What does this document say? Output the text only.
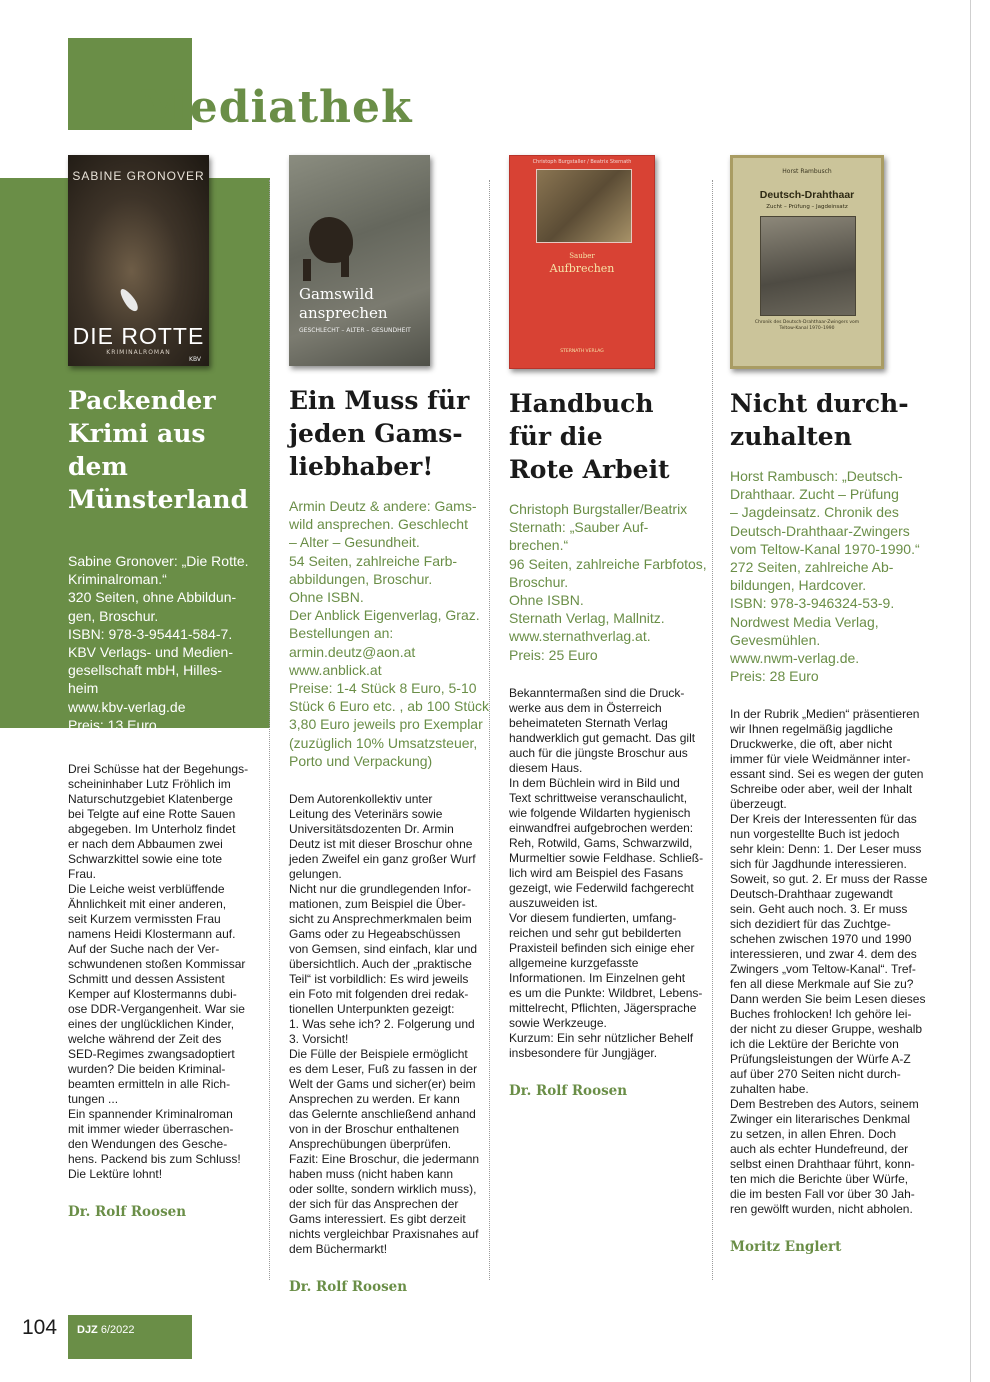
Mediathek
SABINE GRONOVER
DIE ROTTE
KRIMINALROMAN
KBV
Packender
Krimi aus
dem
Münsterland
Sabine Gronover: „Die Rotte.
Kriminalroman.“
320 Seiten, ohne Abbildun-
gen, Broschur.
ISBN: 978-3-95441-584-7.
KBV Verlags- und Medien-
gesellschaft mbH, Hilles-
heim
www.kbv-verlag.de
Preis: 13 Euro
Drei Schüsse hat der Begehungs-
scheininhaber Lutz Fröhlich im
Naturschutzgebiet Klatenberge
bei Telgte auf eine Rotte Sauen
abgegeben. Im Unterholz findet
er nach dem Abbaumen zwei
Schwarzkittel sowie eine tote
Frau.
Die Leiche weist verblüffende
Ähnlichkeit mit einer anderen,
seit Kurzem vermissten Frau
namens Heidi Klostermann auf.
Auf der Suche nach der Ver-
schwundenen stoßen Kommissar
Schmitt und dessen Assistent
Kemper auf Klostermanns dubi-
ose DDR-Vergangenheit. War sie
eines der unglücklichen Kinder,
welche während der Zeit des
SED-Regimes zwangsadoptiert
wurden? Die beiden Kriminal-
beamten ermitteln in alle Rich-
tungen ...
Ein spannender Kriminalroman
mit immer wieder überraschen-
den Wendungen des Gesche-
hens. Packend bis zum Schluss!
Die Lektüre lohnt!
Dr. Rolf Roosen
Gamswild ansprechen
GESCHLECHT – ALTER – GESUNDHEIT
Ein Muss für
jeden Gams-
liebhaber!
Armin Deutz & andere: Gams-
wild ansprechen. Geschlecht
– Alter – Gesundheit.
54 Seiten, zahlreiche Farb-
abbildungen, Broschur.
Ohne ISBN.
Der Anblick Eigenverlag, Graz.
Bestellungen an:
armin.deutz@aon.at
www.anblick.at
Preise: 1-4 Stück 8 Euro, 5-10
Stück 6 Euro etc. , ab 100 Stück
3,80 Euro jeweils pro Exemplar
(zuzüglich 10% Umsatzsteuer,
Porto und Verpackung)
Dem Autorenkollektiv unter
Leitung des Veterinärs sowie
Universitätsdozenten Dr. Armin
Deutz ist mit dieser Broschur ohne
jeden Zweifel ein ganz großer Wurf
gelungen.
Nicht nur die grundlegenden Infor-
mationen, zum Beispiel die Über-
sicht zu Ansprechmerkmalen beim
Gams oder zu Hegeabschüssen
von Gemsen, sind einfach, klar und
übersichtlich. Auch der „praktische
Teil“ ist vorbildlich: Es wird jeweils
ein Foto mit folgenden drei redak-
tionellen Unterpunkten gezeigt:
1. Was sehe ich? 2. Folgerung und
3. Vorsicht!
Die Fülle der Beispiele ermöglicht
es dem Leser, Fuß zu fassen in der
Welt der Gams und sicher(er) beim
Ansprechen zu werden. Er kann
das Gelernte anschließend anhand
von in der Broschur enthaltenen
Ansprechübungen überprüfen.
Fazit: Eine Broschur, die jedermann
haben muss (nicht haben kann
oder sollte, sondern wirklich muss),
der sich für das Ansprechen der
Gams interessiert. Es gibt derzeit
nichts vergleichbar Praxisnahes auf
dem Büchermarkt!
Dr. Rolf Roosen
Christoph Burgstaller / Beatrix Sternath
Sauber
Aufbrechen
STERNATH VERLAG
Handbuch
für die
Rote Arbeit
Christoph Burgstaller/Beatrix
Sternath: „Sauber Auf-
brechen.“
96 Seiten, zahlreiche Farbfotos,
Broschur.
Ohne ISBN.
Sternath Verlag, Mallnitz.
www.sternathverlag.at.
Preis: 25 Euro
Bekanntermaßen sind die Druck-
werke aus dem in Österreich
beheimateten Sternath Verlag
handwerklich gut gemacht. Das gilt
auch für die jüngste Broschur aus
diesem Haus.
In dem Büchlein wird in Bild und
Text schrittweise veranschaulicht,
wie folgende Wildarten hygienisch
einwandfrei aufgebrochen werden:
Reh, Rotwild, Gams, Schwarzwild,
Murmeltier sowie Feldhase. Schließ-
lich wird am Beispiel des Fasans
gezeigt, wie Federwild fachgerecht
auszuweiden ist.
Vor diesem fundierten, umfang-
reichen und sehr gut bebilderten
Praxisteil befinden sich einige eher
allgemeine kurzgefasste
Informationen. Im Einzelnen geht
es um die Punkte: Wildbret, Lebens-
mittelrecht, Pflichten, Jägersprache
sowie Werkzeuge.
Kurzum: Ein sehr nützlicher Behelf
insbesondere für Jungjäger.
Dr. Rolf Roosen
Horst Rambusch
Deutsch-Drahthaar
Zucht – Prüfung – Jagdeinsatz
Chronik des Deutsch-Drahthaar-Zwingers vom Teltow-Kanal 1970–1990
Nicht durch-
zuhalten
Horst Rambusch: „Deutsch-
Drahthaar. Zucht – Prüfung
– Jagdeinsatz. Chronik des
Deutsch-Drahthaar-Zwingers
vom Teltow-Kanal 1970-1990.“
272 Seiten, zahlreiche Ab-
bildungen, Hardcover.
ISBN: 978-3-946324-53-9.
Nordwest Media Verlag,
Gevesmühlen.
www.nwm-verlag.de.
Preis: 28 Euro
In der Rubrik „Medien“ präsentieren
wir Ihnen regelmäßig jagdliche
Druckwerke, die oft, aber nicht
immer für viele Weidmänner inter-
essant sind. Sei es wegen der guten
Schreibe oder aber, weil der Inhalt
überzeugt.
Der Kreis der Interessenten für das
nun vorgestellte Buch ist jedoch
sehr klein: Denn: 1. Der Leser muss
sich für Jagdhunde interessieren.
Soweit, so gut. 2. Er muss der Rasse
Deutsch-Drahthaar zugewandt
sein. Geht auch noch. 3. Er muss
sich dezidiert für das Zuchtge-
schehen zwischen 1970 und 1990
interessieren, und zwar 4. dem des
Zwingers „vom Teltow-Kanal“. Tref-
fen all diese Merkmale auf Sie zu?
Dann werden Sie beim Lesen dieses
Buches frohlocken! Ich gehöre lei-
der nicht zu dieser Gruppe, weshalb
ich die Lektüre der Berichte von
Prüfungsleistungen der Würfe A-Z
auf über 270 Seiten nicht durch-
zuhalten habe.
Dem Bestreben des Autors, seinem
Zwinger ein literarisches Denkmal
zu setzen, in allen Ehren. Doch
auch als echter Hundefreund, der
selbst einen Drahthaar führt, konn-
ten mich die Berichte über Würfe,
die im besten Fall vor über 30 Jah-
ren gewölft wurden, nicht abholen.
Moritz Englert
104	DJZ 6/2022
